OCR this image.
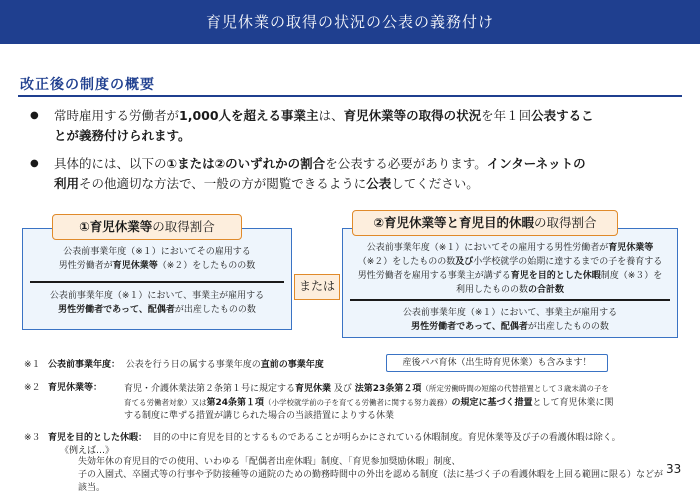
育児休業の取得の状況の公表の義務付け
改正後の制度の概要
● 常時雇用する労働者が1,000人を超える事業主は、育児休業等の取得の状況を年１回公表するこ
とが義務付けられます。
● 具体的には、以下の①または②のいずれかの割合を公表する必要があります。インターネットの
利用その他適切な方法で、一般の方が閲覧できるように公表してください。
①育児休業等の取得割合
公表前事業年度（※１）においてその雇用する
男性労働者が育児休業等（※２）をしたものの数
公表前事業年度（※１）において、事業主が雇用する
男性労働者であって、配偶者が出産したものの数
または
②育児休業等と育児目的休暇の取得割合
公表前事業年度（※１）においてその雇用する男性労働者が育児休業等
（※２）をしたものの数及び小学校就学の始期に達するまでの子を養育する
男性労働者を雇用する事業主が講ずる育児を目的とした休暇制度（※３）を
利用したものの数の合計数
公表前事業年度（※１）において、事業主が雇用する
男性労働者であって、配偶者が出産したものの数
※１ 公表前事業年度： 公表を行う日の属する事業年度の直前の事業年度	産後パパ育休（出生時育児休業）も含みます！
※２ 育児休業等：	育児・介護休業法第２条第１号に規定する育児休業 及び 法第23条第２項（所定労働時間の短縮の代替措置として３歳未満の子を
育てる労働者対象）又は第24条第１項（小学校就学前の子を育てる労働者に関する努力義務）の規定に基づく措置として育児休業に関
する制度に準ずる措置が講じられた場合の当該措置によりする休業
※３ 育児を目的とした休暇： 目的の中に育児を目的とするものであることが明らかにされている休暇制度。育児休業等及び子の看護休暇は除く。
《例えば…》
失効年休の育児目的での使用、いわゆる「配偶者出産休暇」制度、「育児参加奨励休暇」制度、
子の入園式、卒園式等の行事や予防接種等の通院のための勤務時間中の外出を認める制度（法に基づく子の看護休暇を上回る範囲に限る）などが該当。
33
